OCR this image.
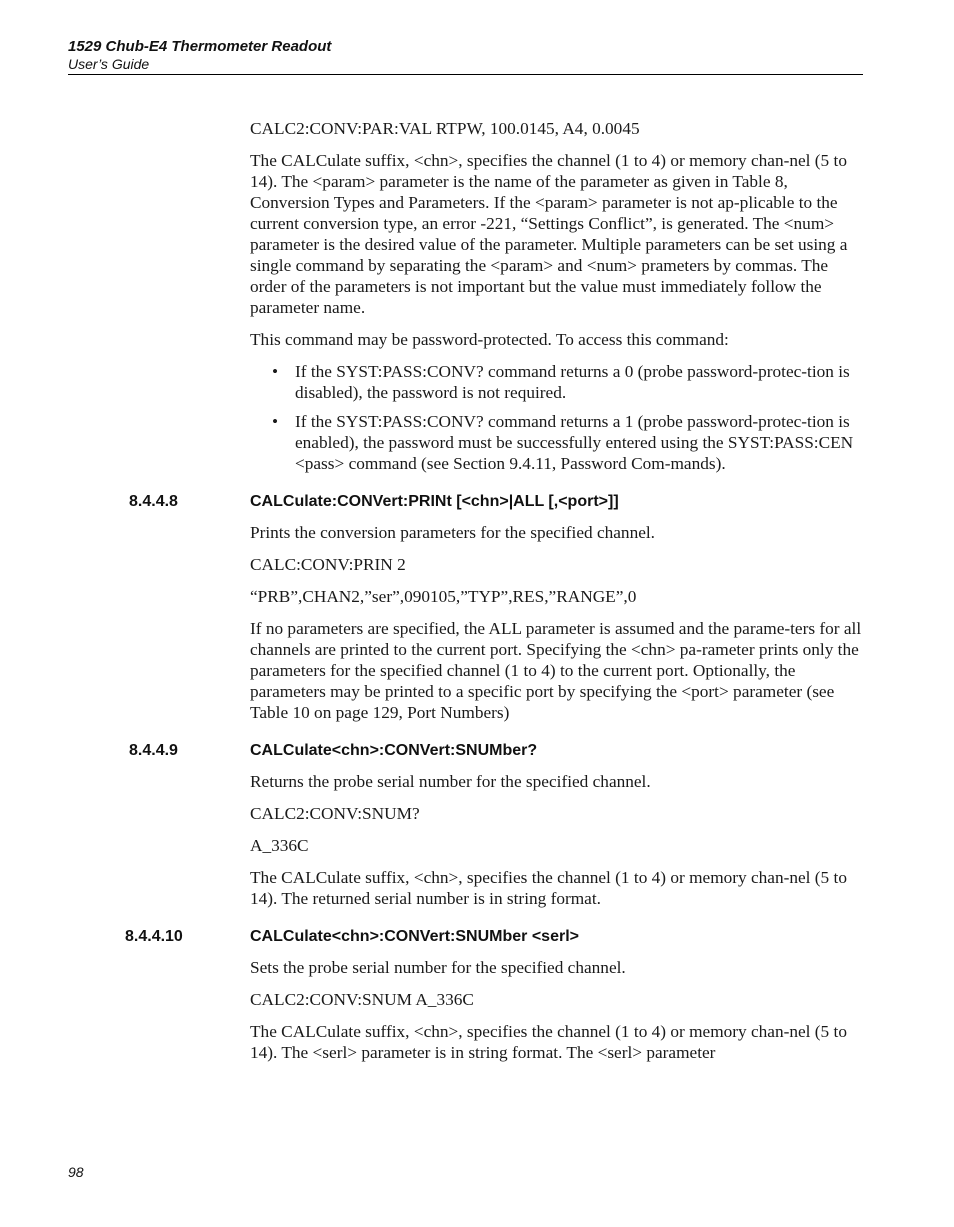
1529 Chub-E4 Thermometer Readout
User’s Guide

CALC2:CONV:PAR:VAL RTPW, 100.0145, A4, 0.0045

The CALCulate suffix, <chn>, specifies the channel (1 to 4) or memory chan-nel (5 to 14). The <param> parameter is the name of the parameter as given in Table 8, Conversion Types and Parameters. If the <param> parameter is not ap-plicable to the current conversion type, an error -221, “Settings Conflict”, is generated. The <num> parameter is the desired value of the parameter. Multiple parameters can be set using a single command by separating the <param> and <num> prameters by commas. The order of the parameters is not important but the value must immediately follow the parameter name.

This command may be password-protected. To access this command:

• If the SYST:PASS:CONV? command returns a 0 (probe password-protec-tion is disabled), the password is not required.
• If the SYST:PASS:CONV? command returns a 1 (probe password-protec-tion is enabled), the password must be successfully entered using the SYST:PASS:CEN <pass> command (see Section 9.4.11, Password Com-mands).
8.4.4.8	CALCulate:CONVert:PRINt [<chn>|ALL [,<port>]]

Prints the conversion parameters for the specified channel.

CALC:CONV:PRIN 2

“PRB”,CHAN2,”ser”,090105,”TYP”,RES,”RANGE”,0

If no parameters are specified, the ALL parameter is assumed and the parame-ters for all channels are printed to the current port. Specifying the <chn> pa-rameter prints only the parameters for the specified channel (1 to 4) to the current port. Optionally, the parameters may be printed to a specific port by specifying the <port> parameter (see Table 10 on page 129, Port Numbers)

8.4.4.9	CALCulate<chn>:CONVert:SNUMber?

Returns the probe serial number for the specified channel.

CALC2:CONV:SNUM?

A_336C

The CALCulate suffix, <chn>, specifies the channel (1 to 4) or memory chan-nel (5 to 14). The returned serial number is in string format.

8.4.4.10	CALCulate<chn>:CONVert:SNUMber <serl>

Sets the probe serial number for the specified channel.

CALC2:CONV:SNUM A_336C

The CALCulate suffix, <chn>, specifies the channel (1 to 4) or memory chan-nel (5 to 14). The <serl> parameter is in string format. The <serl> parameter

98
